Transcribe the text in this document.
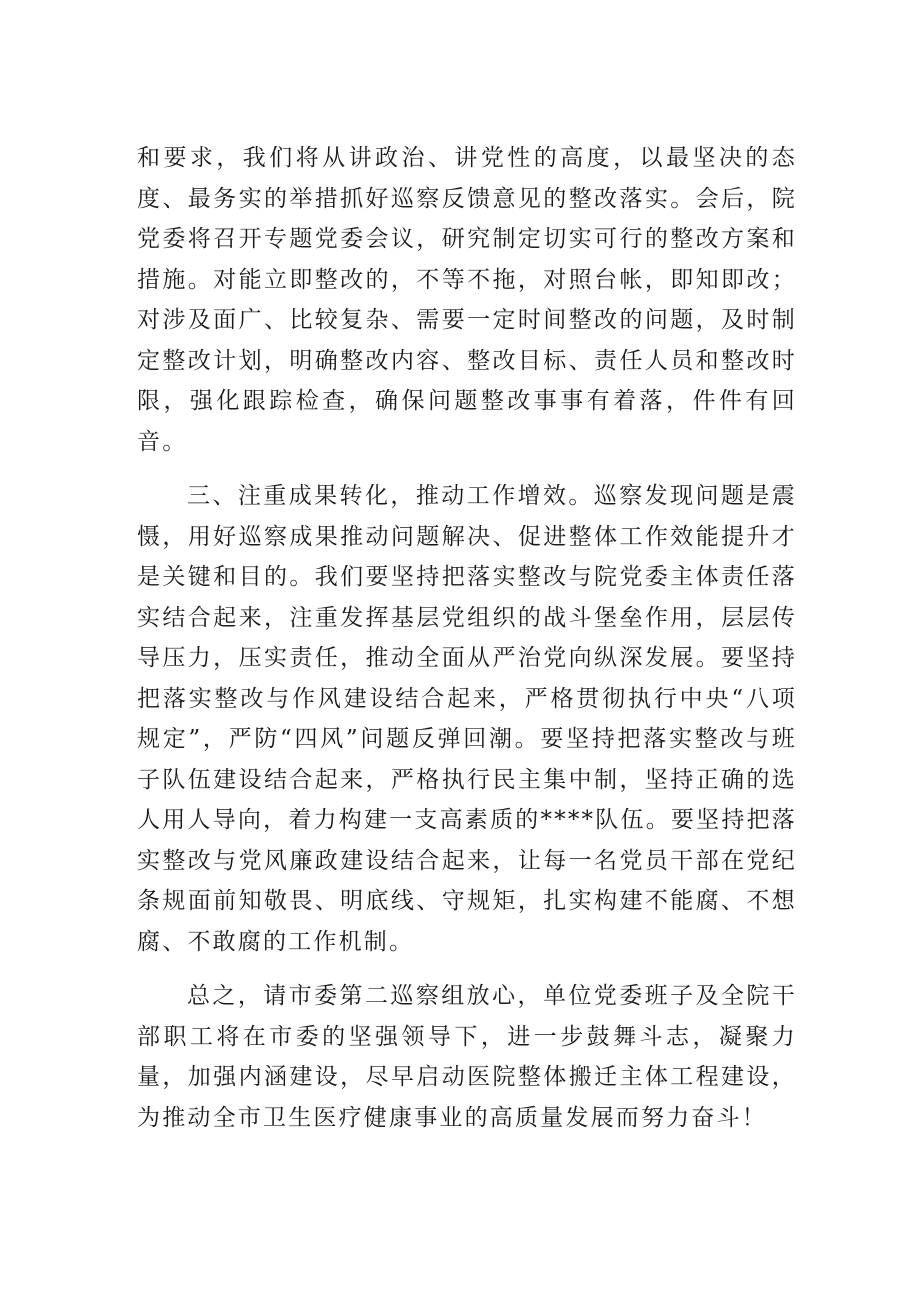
和要求，我们将从讲政治、讲党性的高度，以最坚决的态度、最务实的举措抓好巡察反馈意见的整改落实。会后，院党委将召开专题党委会议，研究制定切实可行的整改方案和措施。对能立即整改的，不等不拖，对照台帐，即知即改；对涉及面广、比较复杂、需要一定时间整改的问题，及时制定整改计划，明确整改内容、整改目标、责任人员和整改时限，强化跟踪检查，确保问题整改事事有着落，件件有回音。

三、注重成果转化，推动工作增效。巡察发现问题是震慑，用好巡察成果推动问题解决、促进整体工作效能提升才是关键和目的。我们要坚持把落实整改与院党委主体责任落实结合起来，注重发挥基层党组织的战斗堡垒作用，层层传导压力，压实责任，推动全面从严治党向纵深发展。要坚持把落实整改与作风建设结合起来，严格贯彻执行中央“八项规定”，严防“四风”问题反弹回潮。要坚持把落实整改与班子队伍建设结合起来，严格执行民主集中制，坚持正确的选人用人导向，着力构建一支高素质的****队伍。要坚持把落实整改与党风廉政建设结合起来，让每一名党员干部在党纪条规面前知敬畏、明底线、守规矩，扎实构建不能腐、不想腐、不敢腐的工作机制。

总之，请市委第二巡察组放心，单位党委班子及全院干部职工将在市委的坚强领导下，进一步鼓舞斗志，凝聚力量，加强内涵建设，尽早启动医院整体搬迁主体工程建设，为推动全市卫生医疗健康事业的高质量发展而努力奋斗！
